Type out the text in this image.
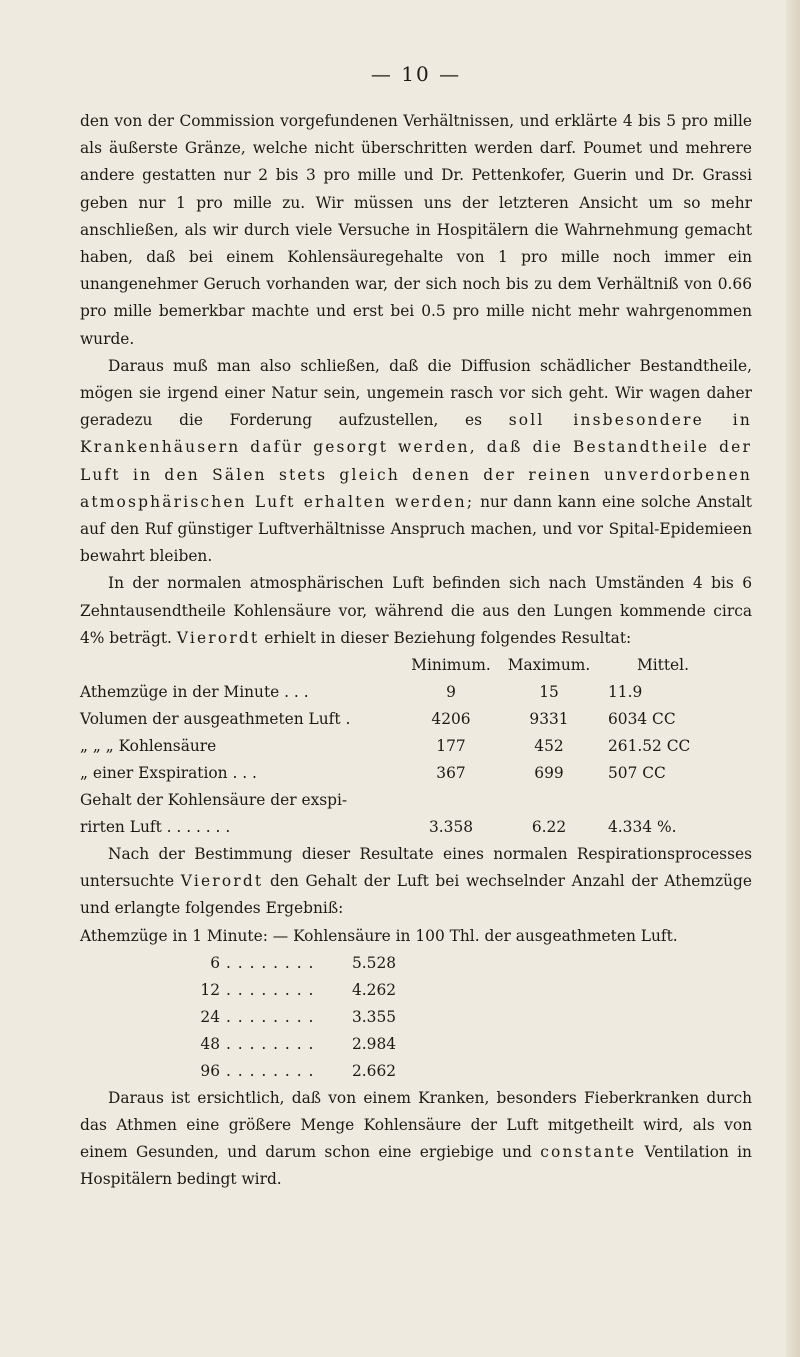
— 10 —

den von der Commission vorgefundenen Verhältnissen, und erklärte 4 bis 5 pro mille als äußerste Gränze, welche nicht überschritten werden darf. Poumet und mehrere andere gestatten nur 2 bis 3 pro mille und Dr. Pettenkofer, Guerin und Dr. Grassi geben nur 1 pro mille zu. Wir müssen uns der letzteren Ansicht um so mehr anschließen, als wir durch viele Versuche in Hospitälern die Wahrnehmung gemacht haben, daß bei einem Kohlensäuregehalte von 1 pro mille noch immer ein unangenehmer Geruch vorhanden war, der sich noch bis zu dem Verhältniß von 0.66 pro mille bemerkbar machte und erst bei 0.5 pro mille nicht mehr wahrgenommen wurde.

Daraus muß man also schließen, daß die Diffusion schädlicher Bestandtheile, mögen sie irgend einer Natur sein, ungemein rasch vor sich geht. Wir wagen daher geradezu die Forderung aufzustellen, es soll insbesondere in Krankenhäusern dafür gesorgt werden, daß die Bestandtheile der Luft in den Sälen stets gleich denen der reinen unverdorbenen atmosphärischen Luft erhalten werden; nur dann kann eine solche Anstalt auf den Ruf günstiger Luftverhältnisse Anspruch machen, und vor Spital-Epidemieen bewahrt bleiben.

In der normalen atmosphärischen Luft befinden sich nach Umständen 4 bis 6 Zehntausendtheile Kohlensäure vor, während die aus den Lungen kommende circa 4% beträgt. Vierordt erhielt in dieser Beziehung folgendes Resultat:

Minimum.	Maximum.	Mittel.
Athemzüge in der Minute . . .	9	15	11.9
Volumen der ausgeathmeten Luft .	4206	9331	6034 CC
„ „ „ Kohlensäure	177	452	261.52 CC
„ einer Exspiration . . .	367	699	507 CC
Gehalt der Kohlensäure der exspi-
rirten Luft . . . . . . .	3.358	6.22	4.334 %.

Nach der Bestimmung dieser Resultate eines normalen Respirationsprocesses untersuchte Vierordt den Gehalt der Luft bei wechselnder Anzahl der Athemzüge und erlangte folgendes Ergebniß:

Athemzüge in 1 Minute: — Kohlensäure in 100 Thl. der ausgeathmeten Luft.
6 . . . . . . . .	5.528
12 . . . . . . . .	4.262
24 . . . . . . . .	3.355
48 . . . . . . . .	2.984
96 . . . . . . . .	2.662

Daraus ist ersichtlich, daß von einem Kranken, besonders Fieberkranken durch das Athmen eine größere Menge Kohlensäure der Luft mitgetheilt wird, als von einem Gesunden, und darum schon eine ergiebige und constante Ventilation in Hospitälern bedingt wird.
